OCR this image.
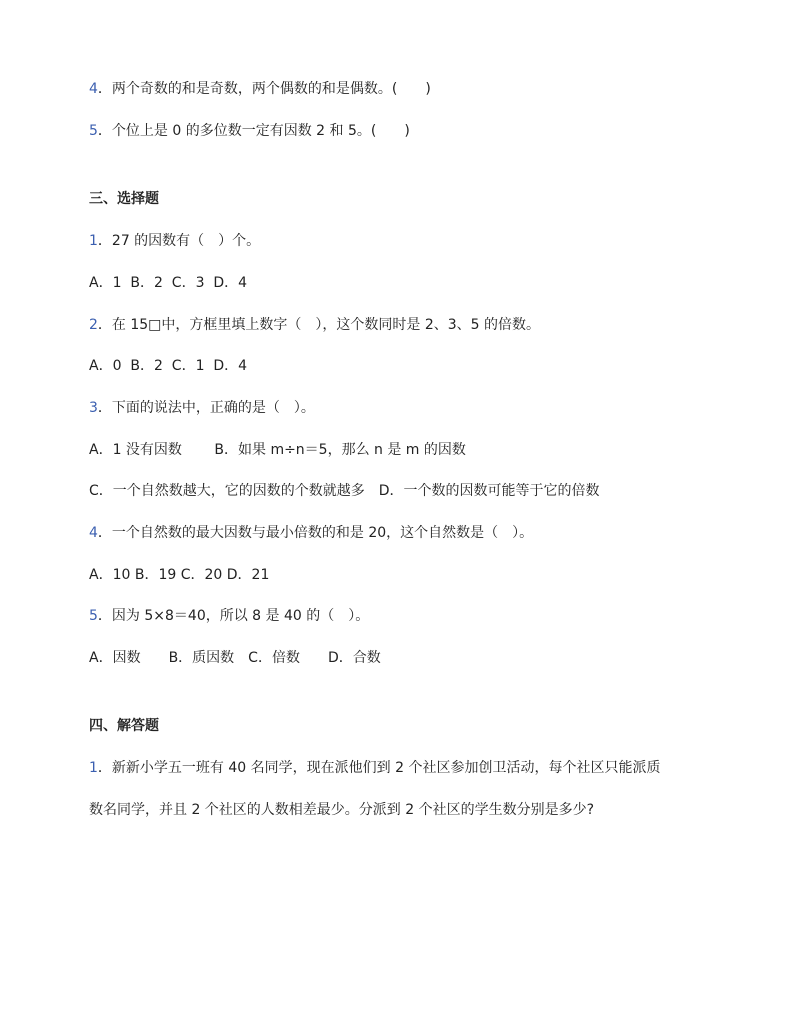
4．两个奇数的和是奇数，两个偶数的和是偶数。(　　)
5．个位上是 0 的多位数一定有因数 2 和 5。(　　)
三、选择题
1．27 的因数有（　）个。
A．1  B．2  C．3  D．4
2．在 15□中，方框里填上数字（　），这个数同时是 2、3、5 的倍数。
A．0  B．2  C．1  D．4
3．下面的说法中，正确的是（　）。
A．1 没有因数　　 B．如果 m÷n＝5，那么 n 是 m 的因数
C．一个自然数越大，它的因数的个数就越多　D．一个数的因数可能等于它的倍数
4．一个自然数的最大因数与最小倍数的和是 20，这个自然数是（　）。
A．10 B．19 C．20 D．21
5．因为 5×8＝40，所以 8 是 40 的（　）。
A．因数　　B．质因数　C．倍数　　D．合数
四、解答题
1．新新小学五一班有 40 名同学，现在派他们到 2 个社区参加创卫活动，每个社区只能派质
数名同学，并且 2 个社区的人数相差最少。分派到 2 个社区的学生数分别是多少?
